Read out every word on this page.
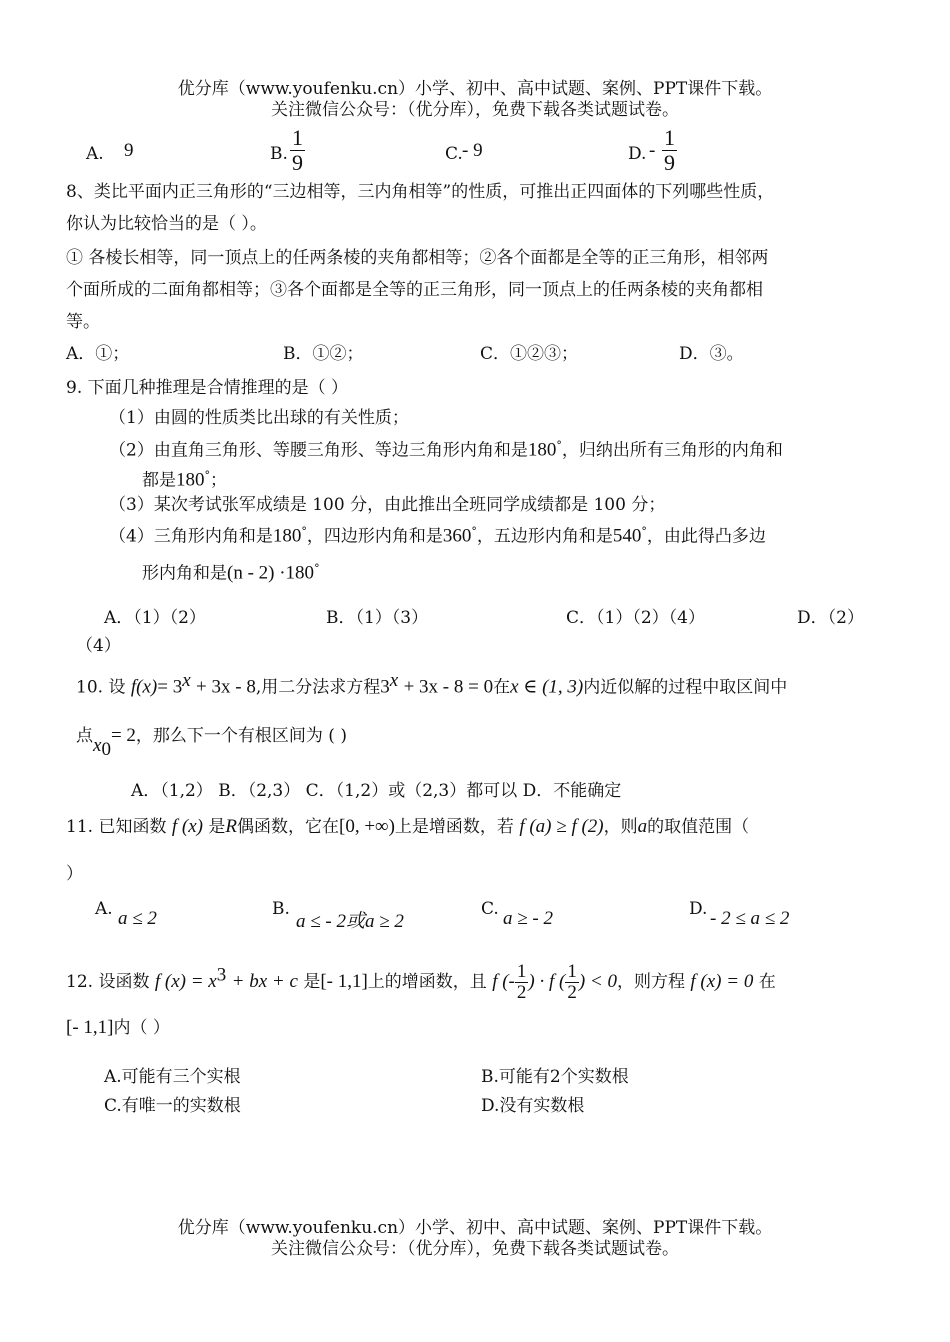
优分库（www.youfenku.cn）小学、初中、高中试题、案例、PPT课件下载。
关注微信公众号：（优分库），免费下载各类试题试卷。
A. 9	B. $\frac{1}{9}$	C. - 9	D. - $\frac{1}{9}$
8、类比平面内正三角形的“三边相等，三内角相等”的性质，可推出正四面体的下列哪些性质，
你认为比较恰当的是（ ）。
① 各棱长相等，同一顶点上的任两条棱的夹角都相等；②各个面都是全等的正三角形，相邻两
个面所成的二面角都相等；③各个面都是全等的正三角形，同一顶点上的任两条棱的夹角都相
等。
A．①；	B．①②；	C．①②③；	D．③。
9. 下面几种推理是合情推理的是（ ）
（1）由圆的性质类比出球的有关性质；
（2）由直角三角形、等腰三角形、等边三角形内角和是180°，归纳出所有三角形的内角和
都是180°；
（3）某次考试张军成绩是 100 分，由此推出全班同学成绩都是 100 分；
（4）三角形内角和是180°，四边形内角和是360°，五边形内角和是540°，由此得凸多边
形内角和是(n - 2) ·180°
A．（1）（2）	B．（1）（3）	C．（1）（2）（4）	D．（2）
（4）
10. 设 $f(x)= 3^x + 3x - 8$,用二分法求方程$3^x + 3x - 8 = 0$在x ∈ (1, 3)内近似解的过程中取区间中
点$x_0= 2$，那么下一个有根区间为 ( )
A．（1,2） B．（2,3） C．（1,2）或（2,3）都可以 D．不能确定
11. 已知函数 f (x) 是R偶函数，它在[0, +∞)上是增函数，若 f (a) ≥ f (2)，则a的取值范围（
）
A. a ≤ 2	B.
a ≤ - 2或a ≥ 2
C. a ≥ - 2	D. - 2 ≤ a ≤ 2
12. 设函数 f $(x) = x^3$ + bx + c 是[- 1,1]上的增函数，且 f (- $\frac{1}{2}$ ) · f ( $\frac{1}{2}$ ) < 0，则方程 f (x) = 0 在
[- 1,1]内（ ）
A.可能有三个实根	B.可能有2个实数根
C.有唯一的实数根	D.没有实数根
优分库（www.youfenku.cn）小学、初中、高中试题、案例、PPT课件下载。
关注微信公众号：（优分库），免费下载各类试题试卷。
